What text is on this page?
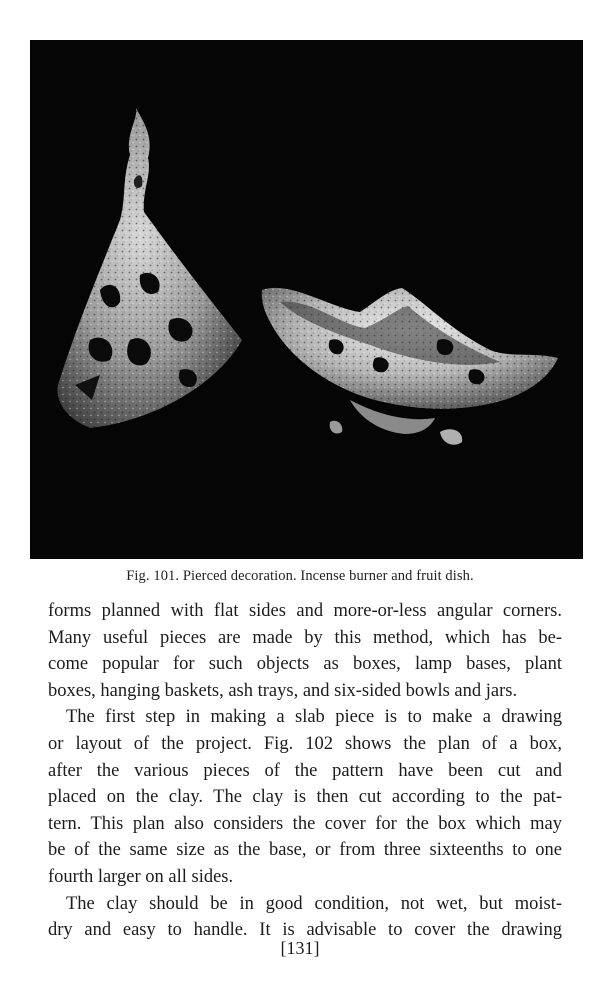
Fig. 101. Pierced decoration. Incense burner and fruit dish.
forms planned with flat sides and more-or-less angular corners.
Many useful pieces are made by this method, which has be-
come popular for such objects as boxes, lamp bases, plant
boxes, hanging baskets, ash trays, and six-sided bowls and jars.
The first step in making a slab piece is to make a drawing
or layout of the project. Fig. 102 shows the plan of a box,
after the various pieces of the pattern have been cut and
placed on the clay. The clay is then cut according to the pat-
tern. This plan also considers the cover for the box which may
be of the same size as the base, or from three sixteenths to one
fourth larger on all sides.
The clay should be in good condition, not wet, but moist-
dry and easy to handle. It is advisable to cover the drawing
[131]
